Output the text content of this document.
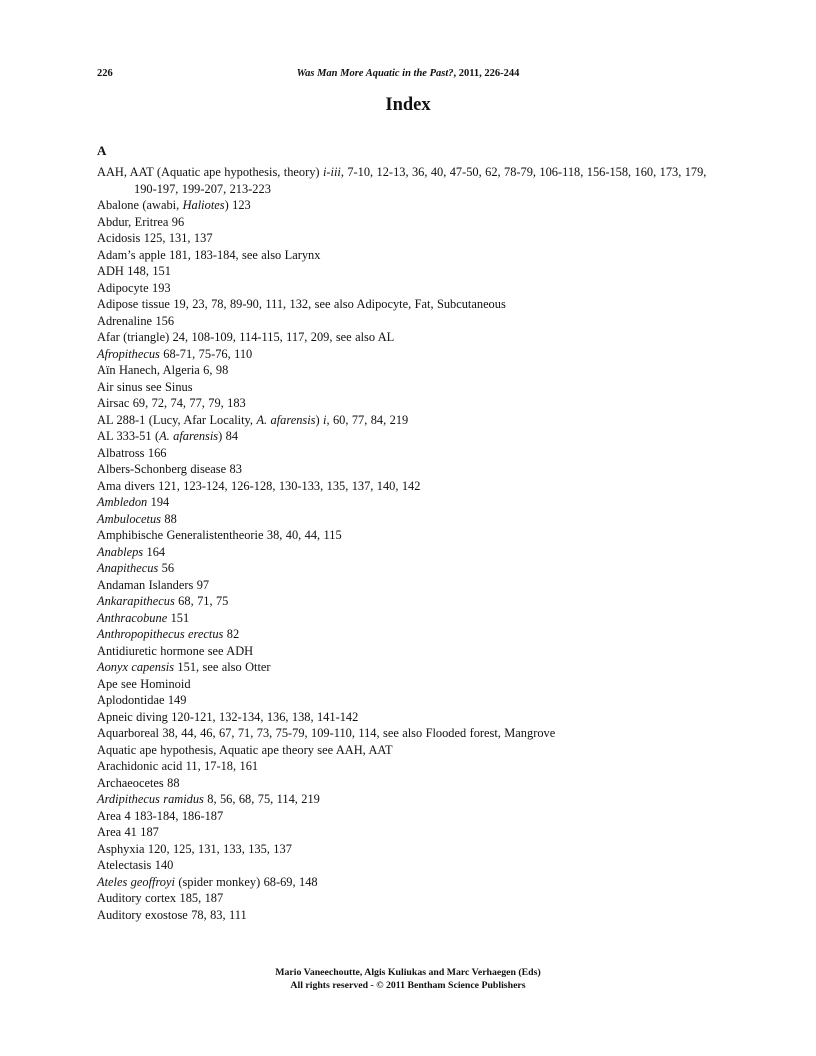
226	Was Man More Aquatic in the Past?, 2011, 226-244
Index
A
AAH, AAT (Aquatic ape hypothesis, theory) i-iii, 7-10, 12-13, 36, 40, 47-50, 62, 78-79, 106-118, 156-158, 160, 173, 179, 190-197, 199-207, 213-223
Abalone (awabi, Haliotes) 123
Abdur, Eritrea 96
Acidosis 125, 131, 137
Adam’s apple 181, 183-184, see also Larynx
ADH 148, 151
Adipocyte 193
Adipose tissue 19, 23, 78, 89-90, 111, 132, see also Adipocyte, Fat, Subcutaneous
Adrenaline 156
Afar (triangle) 24, 108-109, 114-115, 117, 209, see also AL
Afropithecus 68-71, 75-76, 110
Aïn Hanech, Algeria 6, 98
Air sinus see Sinus
Airsac 69, 72, 74, 77, 79, 183
AL 288-1 (Lucy, Afar Locality, A. afarensis) i, 60, 77, 84, 219
AL 333-51 (A. afarensis) 84
Albatross 166
Albers-Schonberg disease 83
Ama divers 121, 123-124, 126-128, 130-133, 135, 137, 140, 142
Ambledon 194
Ambulocetus 88
Amphibische Generalistentheorie 38, 40, 44, 115
Anableps 164
Anapithecus 56
Andaman Islanders 97
Ankarapithecus 68, 71, 75
Anthracobune 151
Anthropopithecus erectus 82
Antidiuretic hormone see ADH
Aonyx capensis 151, see also Otter
Ape see Hominoid
Aplodontidae 149
Apneic diving 120-121, 132-134, 136, 138, 141-142
Aquarboreal 38, 44, 46, 67, 71, 73, 75-79, 109-110, 114, see also Flooded forest, Mangrove
Aquatic ape hypothesis, Aquatic ape theory see AAH, AAT
Arachidonic acid 11, 17-18, 161
Archaeocetes 88
Ardipithecus ramidus 8, 56, 68, 75, 114, 219
Area 4 183-184, 186-187
Area 41 187
Asphyxia 120, 125, 131, 133, 135, 137
Atelectasis 140
Ateles geoffroyi (spider monkey) 68-69, 148
Auditory cortex 185, 187
Auditory exostose 78, 83, 111
Mario Vaneechoutte, Algis Kuliukas and Marc Verhaegen (Eds)
All rights reserved - © 2011 Bentham Science Publishers
